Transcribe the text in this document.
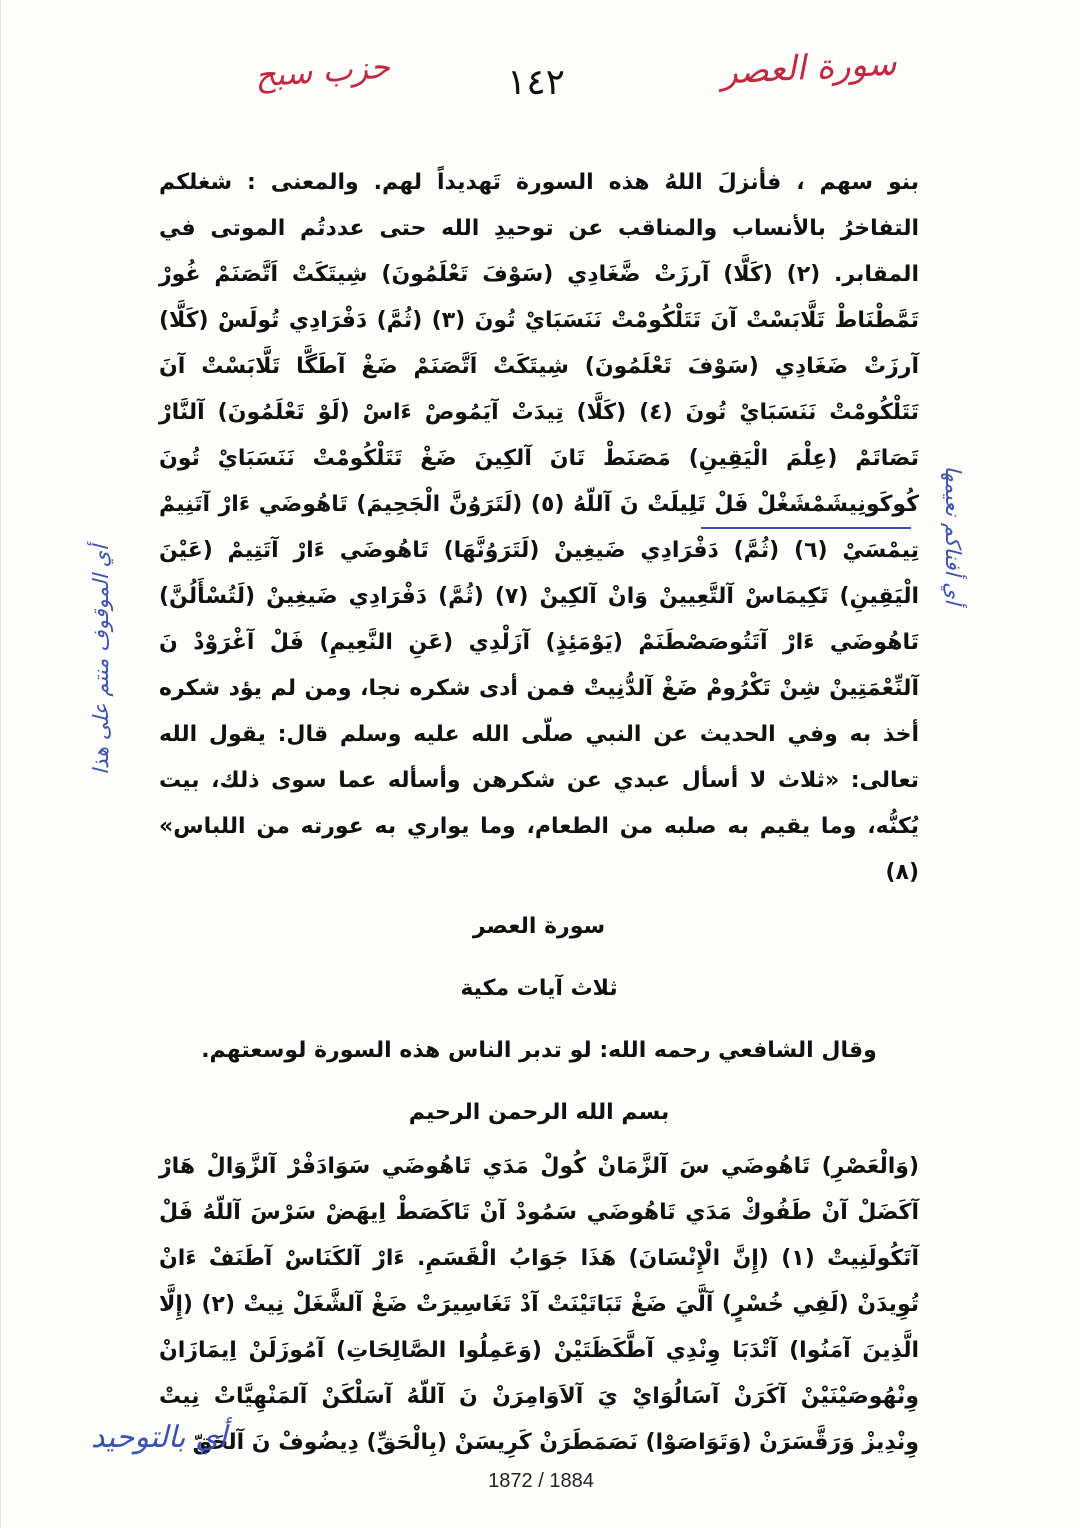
سورة العصر
حزب سبح	١٤٢
أي الموقوف منتم على هذا
أي أفناكم نعيمها

بنو سهم ، فأنزلَ اللهُ هذه السورة تَهديداً لهم. والمعنى : شغلكم التفاخرُ بالأنساب والمناقب عن توحيدِ الله حتى عددتُم الموتى في المقابر. (٢) (كَلَّا) آرزَتْ ضَّغَادِي (سَوْفَ تَعْلَمُونَ) شِيتَكَتْ اَتَّصَنَمْ غُورْ تَمَّطْنَاطْ تَلَّابَسْتْ آنَ تَتَلْكُومْتْ نَنَسَبَايْ تُونَ (٣) (ثُمَّ) دَفْرَادِي تُولَسْ (كَلَّا) آرزَتْ ضَغَادِي (سَوْفَ تَعْلَمُونَ) شِيتَكَتْ اَتَّصَنَمْ ضَغْ آطَگَّا تَلَّابَسْتْ آنَ تَتَلْكُومْتْ نَنَسَبَايْ تُونَ (٤) (كَلَّا) تِيدَتْ آيَمُوصْ ءَاسْ (لَوْ تَعْلَمُونَ) آلنَّارْ تَصَاتَمْ (عِلْمَ الْيَقِينِ) مَصَنَطْ تَانَ آلكِينَ ضَغْ تَتَلْكُومْتْ نَنَسَبَايْ تُونَ كُوكَونِيشَمْشَغْلْ فَلْ تَلِيلَتْ نَ آللّهُ (٥) (لَتَرَوُنَّ الْجَحِيمَ) تَاهُوضَي ءَارْ آتَنِيمْ تِيمْسَيْ (٦) (ثُمَّ) دَفْرَادِي ضَيغِينْ (لَتَرَوُنَّهَا) تَاهُوضَي ءَارْ آتَتِيمْ (عَيْنَ الْيَقِينِ) تَكِيمَاسْ آلتَّعِيينْ وَانْ آلكِينْ (٧) (ثُمَّ) دَفْرَادِي ضَيغِينْ (لَتُسْأَلُنَّ) تَاهُوضَي ءَارْ آتَتُوصَصْطَنَمْ (يَوْمَئِذٍ) آزَلْدِي (عَنِ النَّعِيمِ) فَلْ آغْرَوْدْ نَ آلنِّعْمَتِينْ شِنْ تَكْرُومْ ضَغْ آلدُّنِيتْ فمن أدى شكره نجا، ومن لم يؤد شكره أخذ به وفي الحديث عن النبي صلّى الله عليه وسلم قال: يقول الله تعالى: «ثلاث لا أسأل عبدي عن شكرهن وأسأله عما سوى ذلك، بيت يُكنُّه، وما يقيم به صلبه من الطعام، وما يواري به عورته من اللباس» (٨)

سورة العصر

ثلاث آيات مكية

وقال الشافعي رحمه الله: لو تدبر الناس هذه السورة لوسعتهم.

بسم الله الرحمن الرحيم

(وَالْعَصْرِ) تَاهُوضَي سَ آلزَّمَانْ كُولْ مَدَي تَاهُوضَي سَوَادَفْرْ آلزَّوَالْ هَارْ آكَضَلْ آنْ طَفُوكْ مَدَي تَاهُوضَي سَمُودْ آنْ تَاكَصَطْ اِيهَضْ سَرْسَ آللّهُ فَلْ آتَكُولَنِيتْ (١) (إِنَّ الْإِنْسَانَ) هَذَا جَوَابُ الْقَسَمِ. ءَارْ آلكَنَاسْ آطَنَفْ ءَانْ تُوِيدَنْ (لَفِي خُسْرٍ) آلَّيَ ضَغْ تَبَاتَيْنَتْ آدْ تَغَاسِيرَتْ ضَغْ آلشَّغَلْ نِيتْ (٢) (إِلَّا الَّذِينَ آمَنُوا) آتْدَبَا وِنْدِي آطَّكَظَتَيْنْ (وَعَمِلُوا الصَّالِحَاتِ) آمُوزَلَنْ اِيمَازَانْ وِنْهُوصَيْنَيْنْ آكَرَنْ آسَالُوَايْ يَ آلاَوَامِرَنْ نَ آللّهُ آسَلْكَنْ آلمَنْهِيَّاتْ نِيتْ وِنْدِيزْ وَرَقَّسَرَنْ (وَتَوَاصَوْا) نَصَمَطَرَنْ كَرِيسَنْ (بِالْحَقِّ) دِيضُوفْ نَ آلحَقّ

أي بالتوحيد
1872 / 1884
